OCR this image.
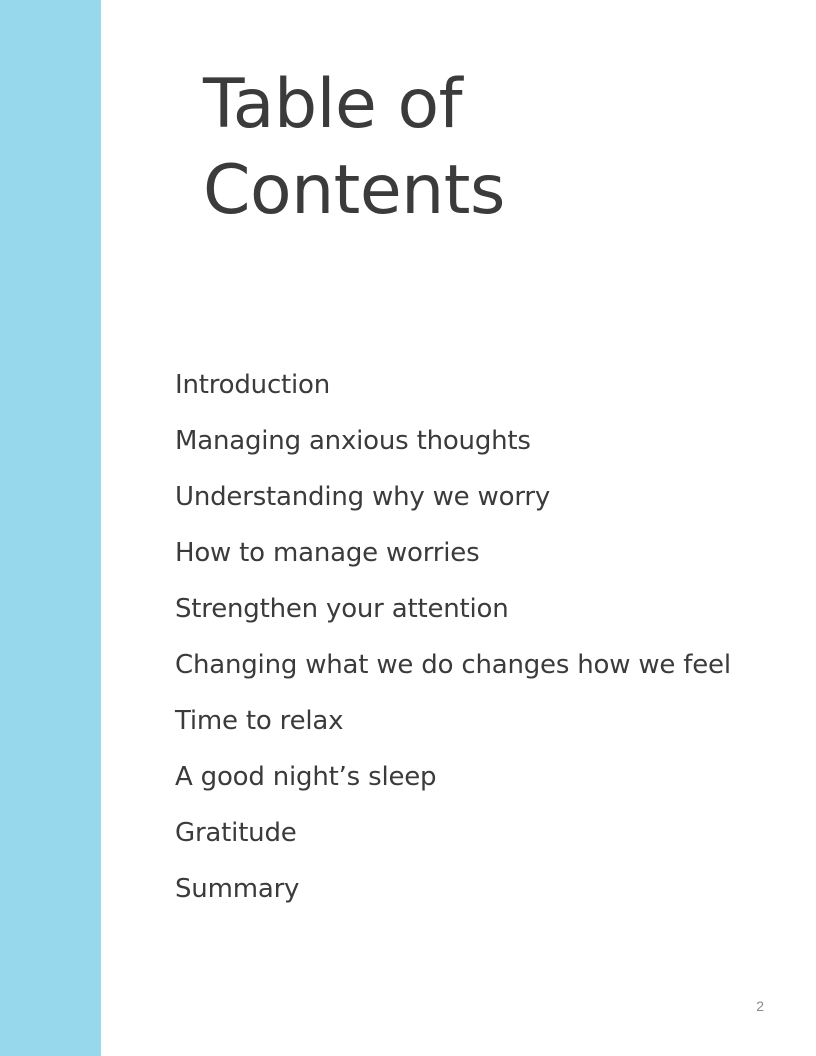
Table of
Contents
Introduction
Managing anxious thoughts
Understanding why we worry
How to manage worries
Strengthen your attention
Changing what we do changes how we feel
Time to relax
A good night’s sleep
Gratitude
Summary
2
